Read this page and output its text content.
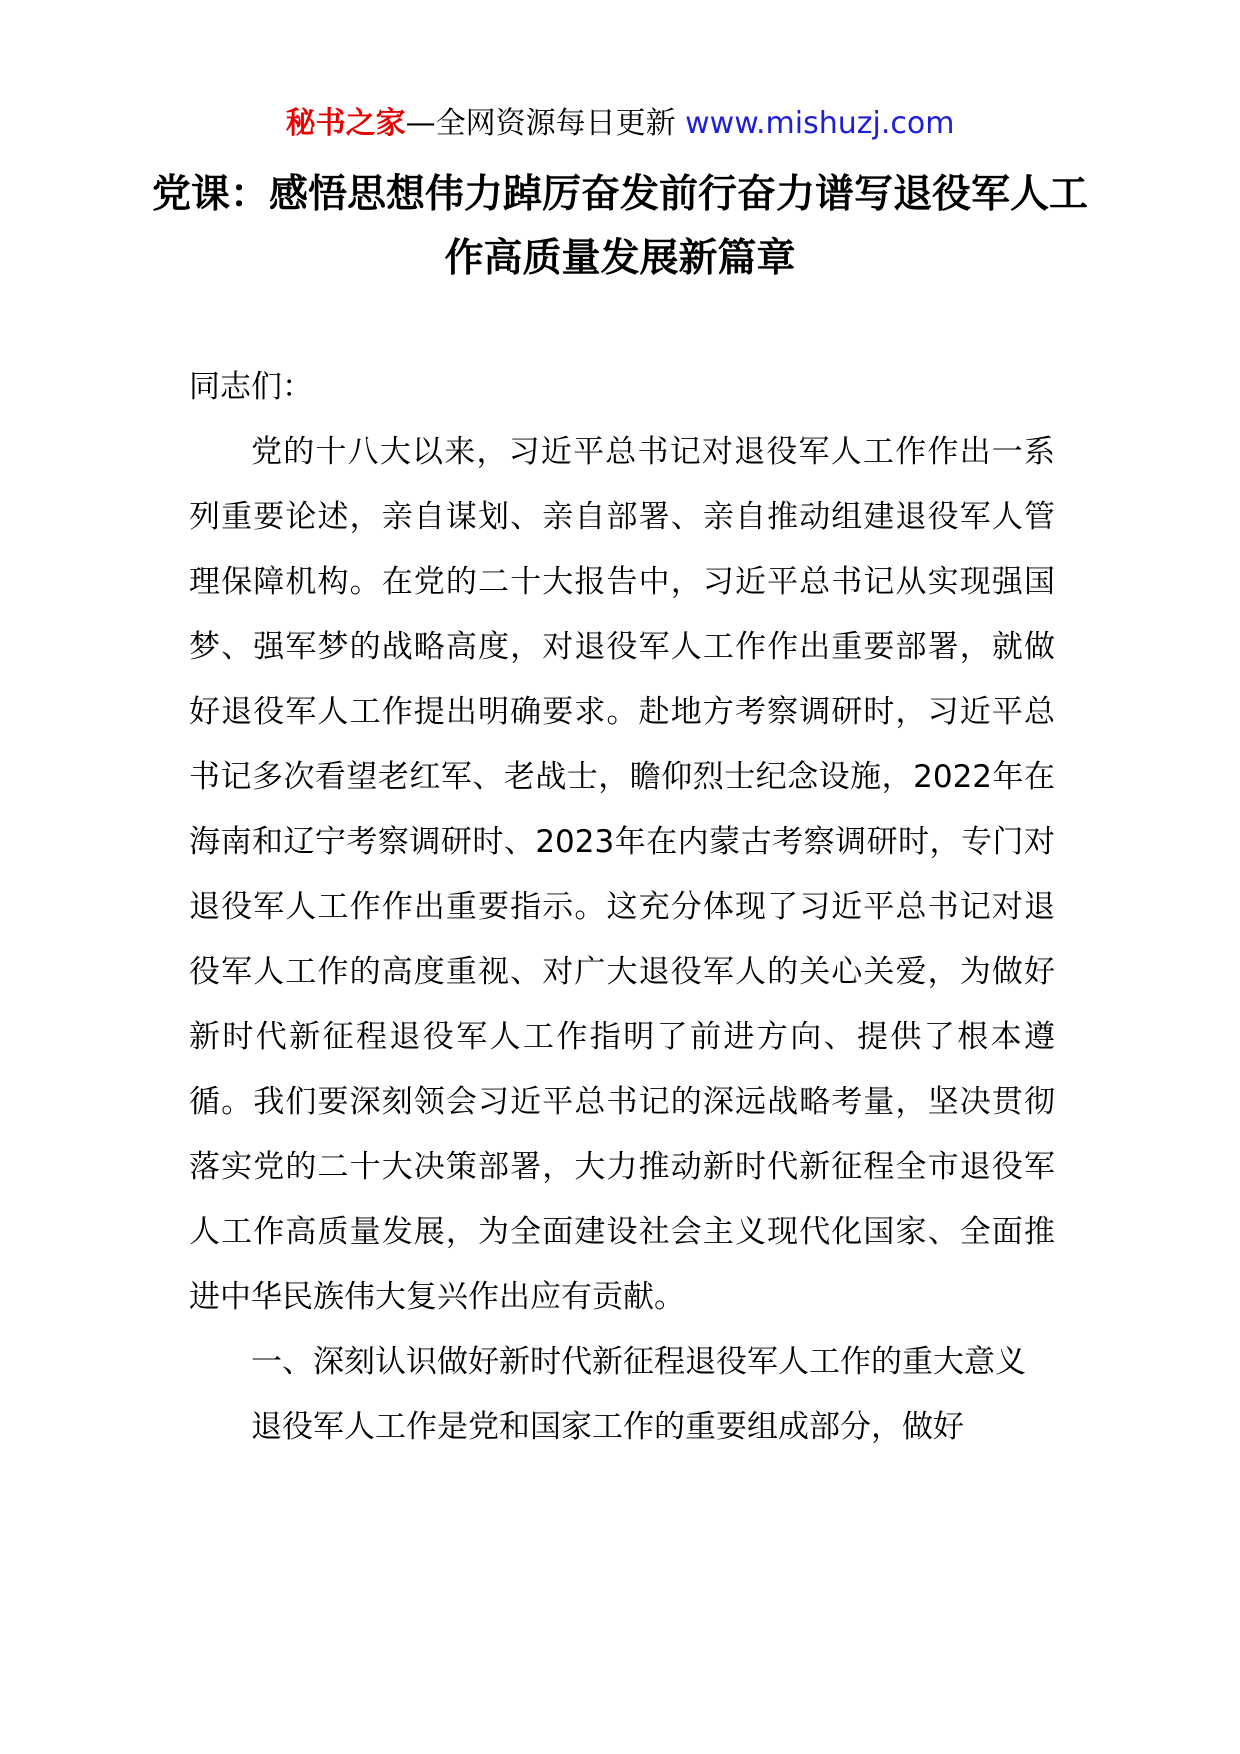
秘书之家—全网资源每日更新 www.mishuzj.com
党课：感悟思想伟力踔厉奋发前行奋力谱写退役军人工作高质量发展新篇章

同志们：

党的十八大以来，习近平总书记对退役军人工作作出一系列重要论述，亲自谋划、亲自部署、亲自推动组建退役军人管理保障机构。在党的二十大报告中，习近平总书记从实现强国梦、强军梦的战略高度，对退役军人工作作出重要部署，就做好退役军人工作提出明确要求。赴地方考察调研时，习近平总书记多次看望老红军、老战士，瞻仰烈士纪念设施，2022年在海南和辽宁考察调研时、2023年在内蒙古考察调研时，专门对退役军人工作作出重要指示。这充分体现了习近平总书记对退役军人工作的高度重视、对广大退役军人的关心关爱，为做好新时代新征程退役军人工作指明了前进方向、提供了根本遵循。我们要深刻领会习近平总书记的深远战略考量，坚决贯彻落实党的二十大决策部署，大力推动新时代新征程全市退役军人工作高质量发展，为全面建设社会主义现代化国家、全面推进中华民族伟大复兴作出应有贡献。

一、深刻认识做好新时代新征程退役军人工作的重大意义

退役军人工作是党和国家工作的重要组成部分，做好
